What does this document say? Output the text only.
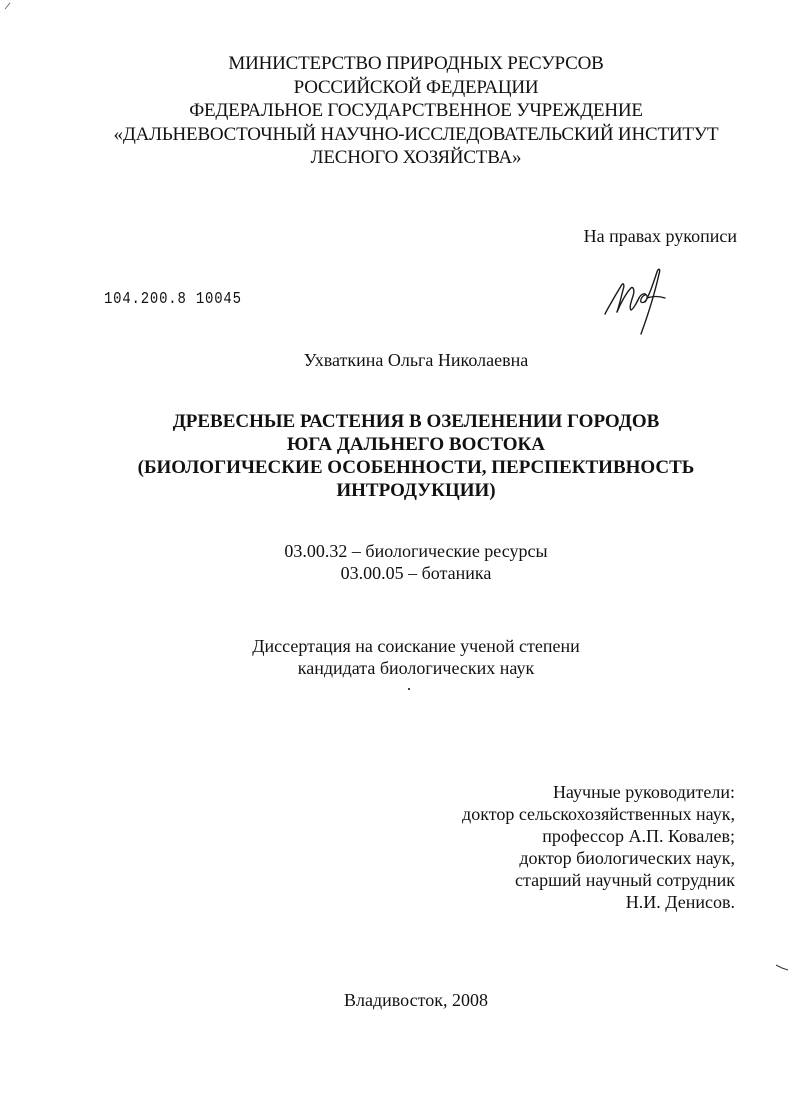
МИНИСТЕРСТВО ПРИРОДНЫХ РЕСУРСОВ
РОССИЙСКОЙ ФЕДЕРАЦИИ
ФЕДЕРАЛЬНОЕ ГОСУДАРСТВЕННОЕ УЧРЕЖДЕНИЕ
«ДАЛЬНЕВОСТОЧНЫЙ НАУЧНО-ИССЛЕДОВАТЕЛЬСКИЙ ИНСТИТУТ
ЛЕСНОГО ХОЗЯЙСТВА»
На правах рукописи
104.200.8 10045
Ухваткина Ольга Николаевна
ДРЕВЕСНЫЕ РАСТЕНИЯ В ОЗЕЛЕНЕНИИ ГОРОДОВ
ЮГА ДАЛЬНЕГО ВОСТОКА
(БИОЛОГИЧЕСКИЕ ОСОБЕННОСТИ, ПЕРСПЕКТИВНОСТЬ
ИНТРОДУКЦИИ)
03.00.32 – биологические ресурсы
03.00.05 – ботаника
Диссертация на соискание ученой степени
кандидата биологических наук
Научные руководители:
доктор сельскохозяйственных наук,
профессор А.П. Ковалев;
доктор биологических наук,
старший научный сотрудник
Н.И. Денисов.
Владивосток, 2008
